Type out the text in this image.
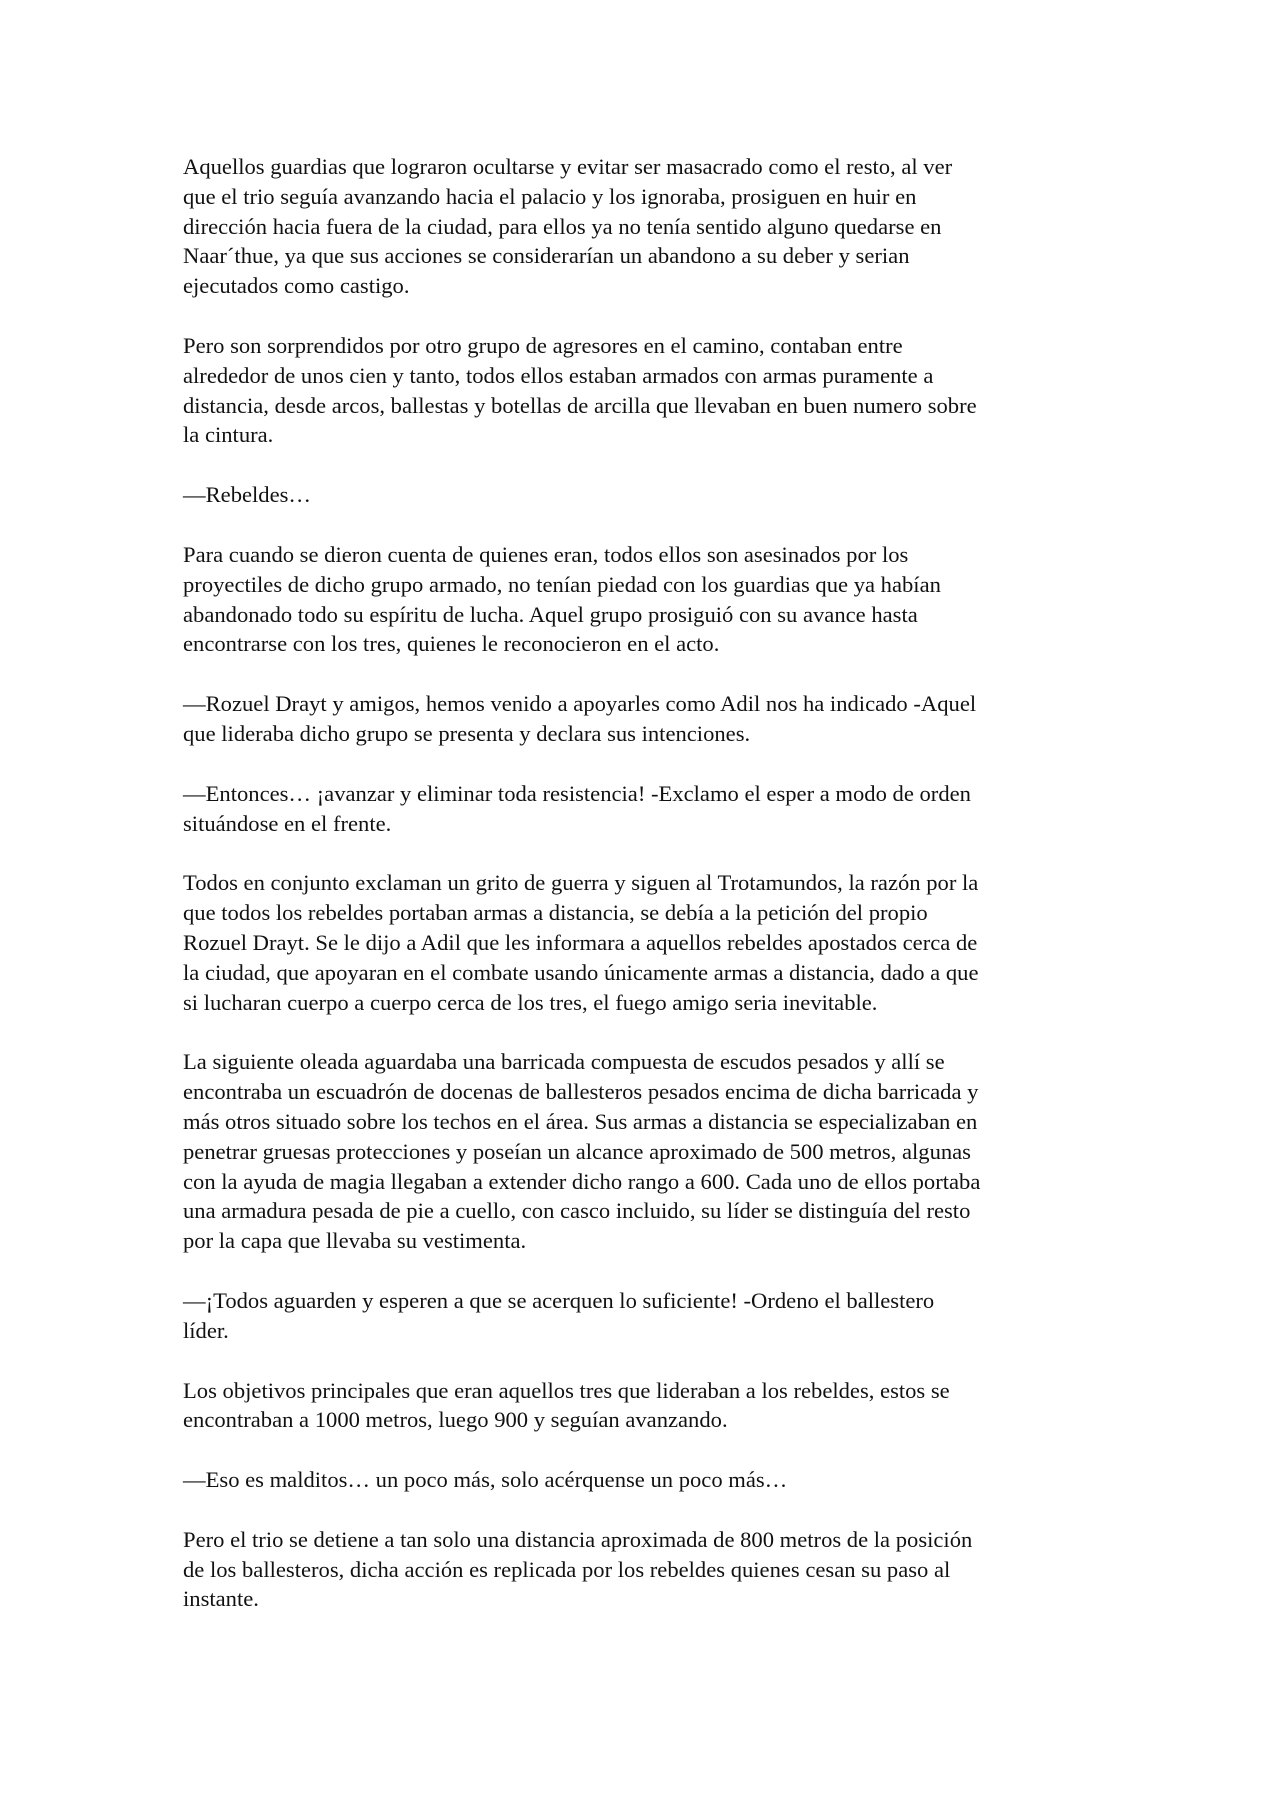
Aquellos guardias que lograron ocultarse y evitar ser masacrado como el resto, al ver
que el trio seguía avanzando hacia el palacio y los ignoraba, prosiguen en huir en
dirección hacia fuera de la ciudad, para ellos ya no tenía sentido alguno quedarse en
Naar´thue, ya que sus acciones se considerarían un abandono a su deber y serian
ejecutados como castigo.

Pero son sorprendidos por otro grupo de agresores en el camino, contaban entre
alrededor de unos cien y tanto, todos ellos estaban armados con armas puramente a
distancia, desde arcos, ballestas y botellas de arcilla que llevaban en buen numero sobre
la cintura.

—Rebeldes…

Para cuando se dieron cuenta de quienes eran, todos ellos son asesinados por los
proyectiles de dicho grupo armado, no tenían piedad con los guardias que ya habían
abandonado todo su espíritu de lucha. Aquel grupo prosiguió con su avance hasta
encontrarse con los tres, quienes le reconocieron en el acto.

—Rozuel Drayt y amigos, hemos venido a apoyarles como Adil nos ha indicado -Aquel
que lideraba dicho grupo se presenta y declara sus intenciones.

—Entonces… ¡avanzar y eliminar toda resistencia! -Exclamo el esper a modo de orden
situándose en el frente.

Todos en conjunto exclaman un grito de guerra y siguen al Trotamundos, la razón por la
que todos los rebeldes portaban armas a distancia, se debía a la petición del propio
Rozuel Drayt. Se le dijo a Adil que les informara a aquellos rebeldes apostados cerca de
la ciudad, que apoyaran en el combate usando únicamente armas a distancia, dado a que
si lucharan cuerpo a cuerpo cerca de los tres, el fuego amigo seria inevitable.

La siguiente oleada aguardaba una barricada compuesta de escudos pesados y allí se
encontraba un escuadrón de docenas de ballesteros pesados encima de dicha barricada y
más otros situado sobre los techos en el área. Sus armas a distancia se especializaban en
penetrar gruesas protecciones y poseían un alcance aproximado de 500 metros, algunas
con la ayuda de magia llegaban a extender dicho rango a 600. Cada uno de ellos portaba
una armadura pesada de pie a cuello, con casco incluido, su líder se distinguía del resto
por la capa que llevaba su vestimenta.

—¡Todos aguarden y esperen a que se acerquen lo suficiente! -Ordeno el ballestero
líder.

Los objetivos principales que eran aquellos tres que lideraban a los rebeldes, estos se
encontraban a 1000 metros, luego 900 y seguían avanzando.

—Eso es malditos… un poco más, solo acérquense un poco más…

Pero el trio se detiene a tan solo una distancia aproximada de 800 metros de la posición
de los ballesteros, dicha acción es replicada por los rebeldes quienes cesan su paso al
instante.
